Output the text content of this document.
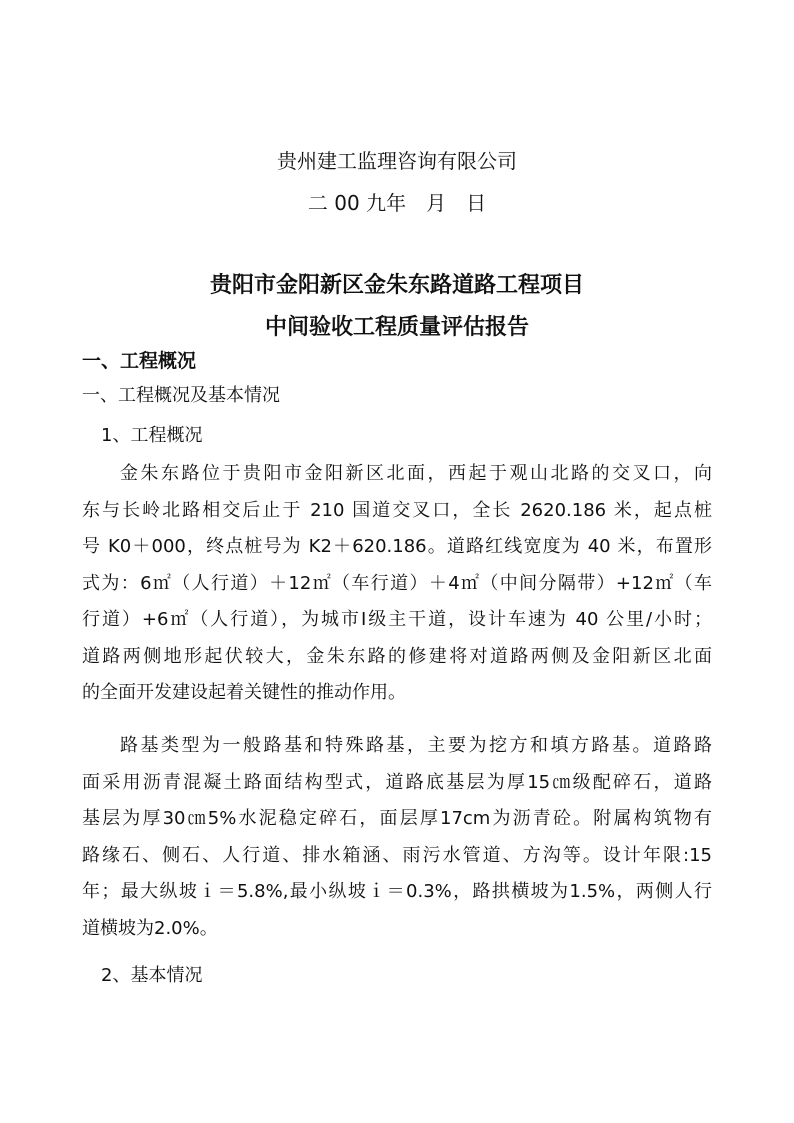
贵州建工监理咨询有限公司
二 00 九年　月　日
贵阳市金阳新区金朱东路道路工程项目
中间验收工程质量评估报告
一、工程概况
一、工程概况及基本情况
1、工程概况
金朱东路位于贵阳市金阳新区北面，西起于观山北路的交叉口，向
东与长岭北路相交后止于 210 国道交叉口，全长 2620.186 米，起点桩
号 K0＋000，终点桩号为 K2＋620.186。道路红线宽度为 40 米，布置形
式为：6㎡（人行道）＋12㎡（车行道）＋4㎡（中间分隔带）+12㎡（车
行道）+6㎡（人行道），为城市Ⅰ级主干道，设计车速为 40 公里/小时；
道路两侧地形起伏较大，金朱东路的修建将对道路两侧及金阳新区北面
的全面开发建设起着关键性的推动作用。
路基类型为一般路基和特殊路基，主要为挖方和填方路基。道路路
面采用沥青混凝土路面结构型式，道路底基层为厚15㎝级配碎石，道路
基层为厚30㎝5%水泥稳定碎石，面层厚17cm为沥青砼。附属构筑物有
路缘石、侧石、人行道、排水箱涵、雨污水管道、方沟等。设计年限:15
年；最大纵坡ｉ＝5.8%,最小纵坡ｉ＝0.3%，路拱横坡为1.5%，两侧人行
道横坡为2.0%。
2、基本情况
